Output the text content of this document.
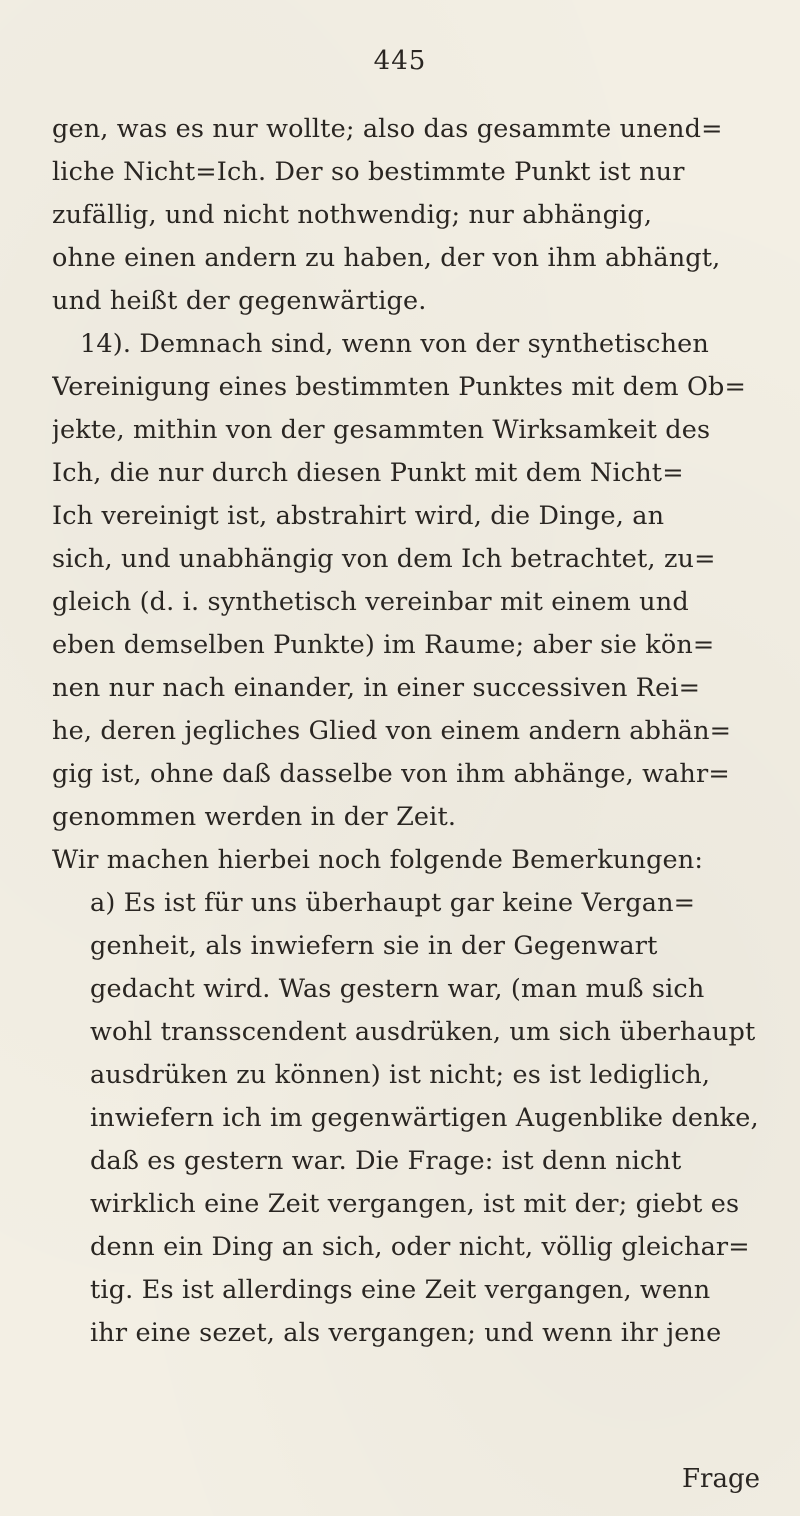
445
gen, was es nur wollte; also das gesammte unend=
liche Nicht=Ich. Der so bestimmte Punkt ist nur
zufällig, und nicht nothwendig; nur abhängig,
ohne einen andern zu haben, der von ihm abhängt,
und heißt der gegenwärtige.
14). Demnach sind, wenn von der synthetischen
Vereinigung eines bestimmten Punktes mit dem Ob=
jekte, mithin von der gesammten Wirksamkeit des
Ich, die nur durch diesen Punkt mit dem Nicht=
Ich vereinigt ist, abstrahirt wird, die Dinge, an
sich, und unabhängig von dem Ich betrachtet, zu=
gleich (d. i. synthetisch vereinbar mit einem und
eben demselben Punkte) im Raume; aber sie kön=
nen nur nach einander, in einer successiven Rei=
he, deren jegliches Glied von einem andern abhän=
gig ist, ohne daß dasselbe von ihm abhänge, wahr=
genommen werden in der Zeit.
Wir machen hierbei noch folgende Bemerkungen:
a) Es ist für uns überhaupt gar keine Vergan=
genheit, als inwiefern sie in der Gegenwart
gedacht wird. Was gestern war, (man muß sich
wohl transscendent ausdrüken, um sich überhaupt
ausdrüken zu können) ist nicht; es ist lediglich,
inwiefern ich im gegenwärtigen Augenblike denke,
daß es gestern war. Die Frage: ist denn nicht
wirklich eine Zeit vergangen, ist mit der; giebt es
denn ein Ding an sich, oder nicht, völlig gleichar=
tig. Es ist allerdings eine Zeit vergangen, wenn
ihr eine sezet, als vergangen; und wenn ihr jene
Frage
